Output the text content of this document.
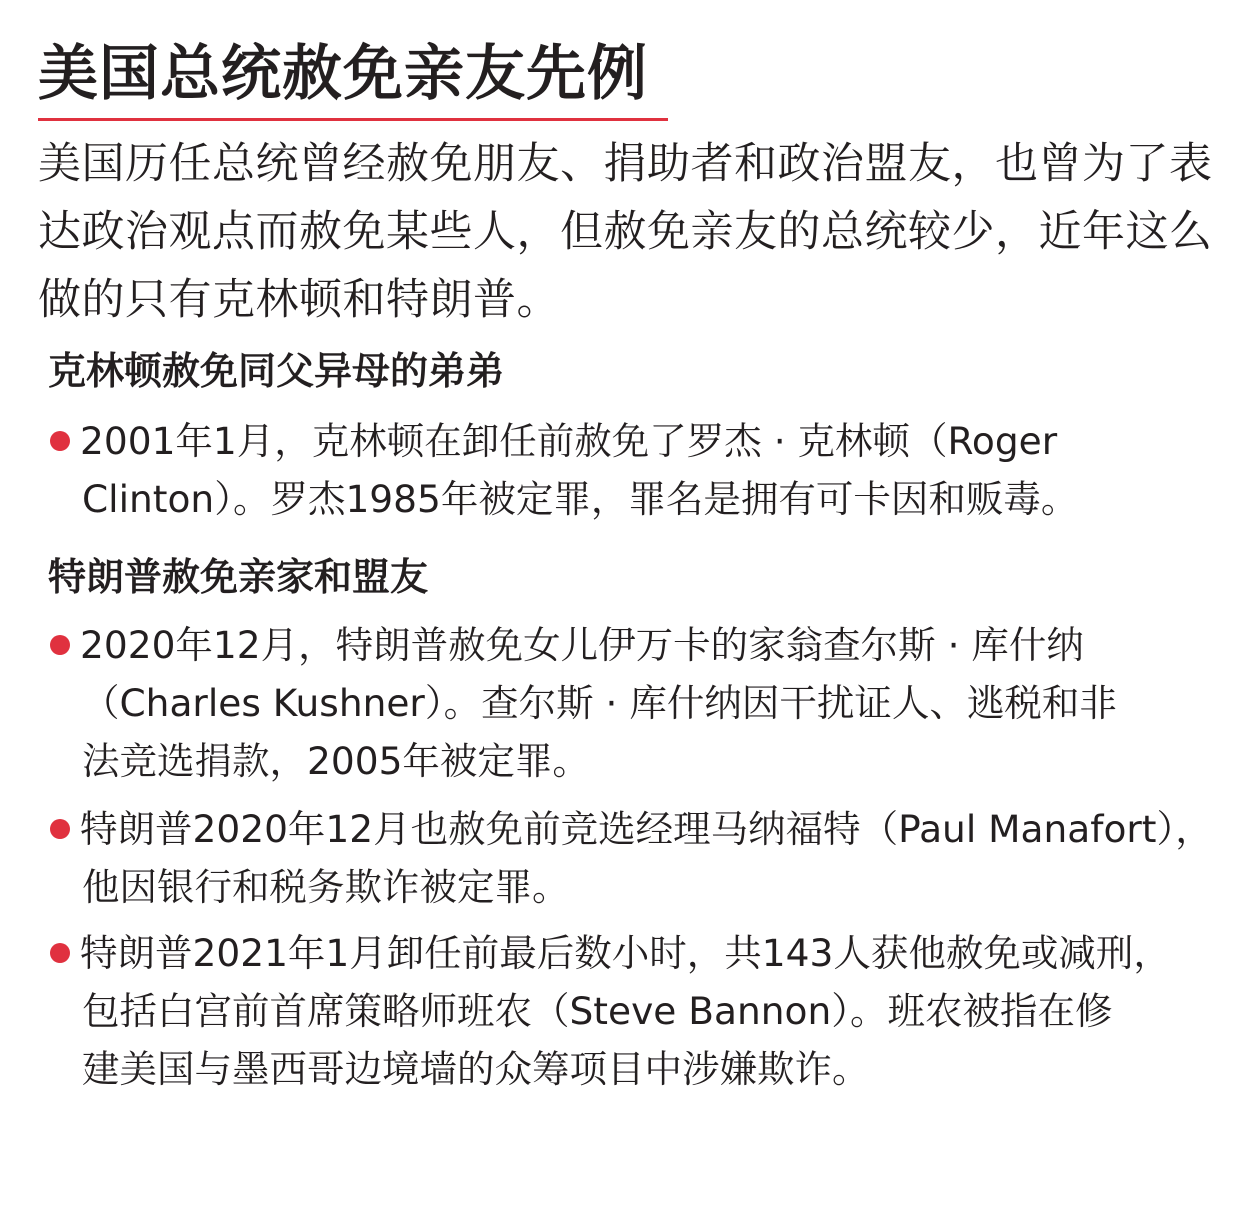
美国总统赦免亲友先例
美国历任总统曾经赦免朋友、捐助者和政治盟友，也曾为了表达政治观点而赦免某些人，但赦免亲友的总统较少，近年这么做的只有克林顿和特朗普。
克林顿赦免同父异母的弟弟
2001年1月，克林顿在卸任前赦免了罗杰 · 克林顿（Roger
Clinton）。罗杰1985年被定罪，罪名是拥有可卡因和贩毒。
特朗普赦免亲家和盟友
2020年12月，特朗普赦免女儿伊万卡的家翁查尔斯 · 库什纳
（Charles Kushner）。查尔斯 · 库什纳因干扰证人、逃税和非
法竞选捐款，2005年被定罪。
特朗普2020年12月也赦免前竞选经理马纳福特（Paul Manafort），
他因银行和税务欺诈被定罪。
特朗普2021年1月卸任前最后数小时，共143人获他赦免或减刑，
包括白宫前首席策略师班农（Steve Bannon）。班农被指在修
建美国与墨西哥边境墙的众筹项目中涉嫌欺诈。
